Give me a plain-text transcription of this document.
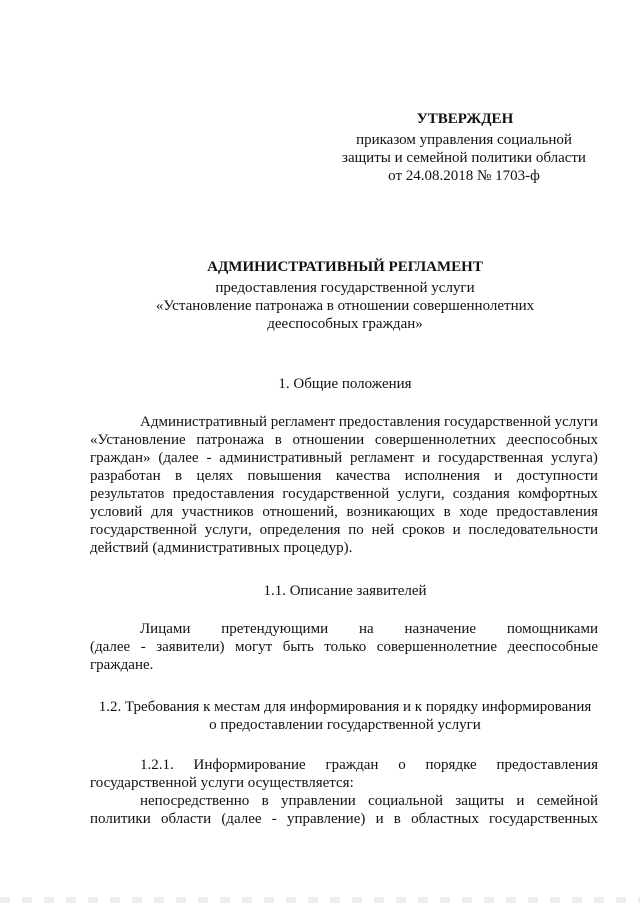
УТВЕРЖДЕН
приказом управления социальной
защиты и семейной политики области
от 24.08.2018 № 1703-ф
АДМИНИСТРАТИВНЫЙ РЕГЛАМЕНТ
предоставления государственной услуги
«Установление патронажа в отношении совершеннолетних
дееспособных граждан»
1. Общие положения
Административный регламент предоставления государственной услуги
«Установление патронажа в отношении совершеннолетних дееспособных
граждан» (далее - административный регламент и государственная услуга)
разработан в целях повышения качества исполнения и доступности
результатов предоставления государственной услуги, создания комфортных
условий для участников отношений, возникающих в ходе предоставления
государственной услуги, определения по ней сроков и последовательности
действий (административных процедур).
1.1. Описание заявителей
Лицами претендующими на назначение помощниками
(далее - заявители) могут быть только совершеннолетние дееспособные
граждане.
1.2. Требования к местам для информирования и к порядку информирования
о предоставлении государственной услуги
1.2.1. Информирование граждан о порядке предоставления
государственной услуги осуществляется:
непосредственно в управлении социальной защиты и семейной
политики области (далее - управление) и в областных государственных
